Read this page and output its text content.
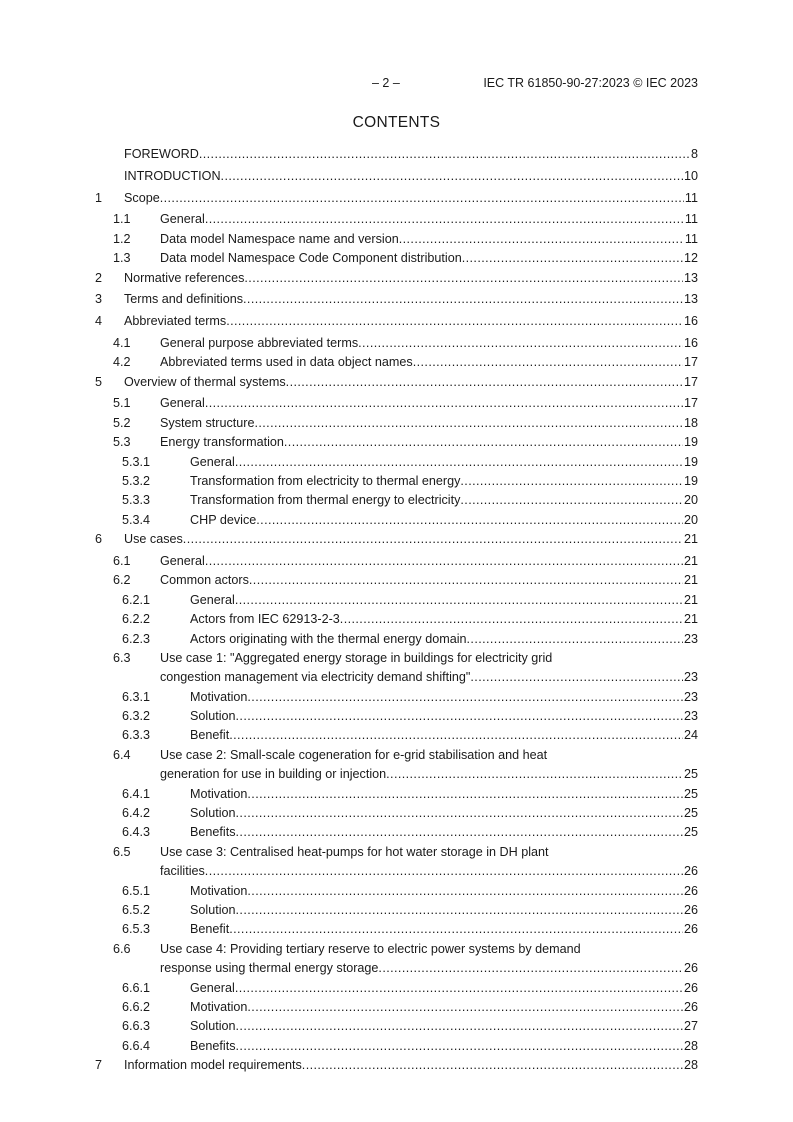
– 2 –	IEC TR 61850-90-27:2023 © IEC 2023
CONTENTS
FOREWORD .....	8
INTRODUCTION .....	10
1 Scope .....	11
1.1 General .....	11
1.2 Data model Namespace name and version .....	11
1.3 Data model Namespace Code Component distribution .....	12
2 Normative references .....	13
3 Terms and definitions .....	13
4 Abbreviated terms .....	16
4.1 General purpose abbreviated terms .....	16
4.2 Abbreviated terms used in data object names .....	17
5 Overview of thermal systems .....	17
5.1 General .....	17
5.2 System structure .....	18
5.3 Energy transformation .....	19
5.3.1	General .....	19
5.3.2	Transformation from electricity to thermal energy .....	19
5.3.3	Transformation from thermal energy to electricity .....	20
5.3.4	CHP device .....	20
6 Use cases .....	21
6.1 General .....	21
6.2 Common actors .....	21
6.2.1	General .....	21
6.2.2	Actors from IEC 62913-2-3 .....	21
6.2.3	Actors originating with the thermal energy domain .....	23
6.3 Use case 1: "Aggregated energy storage in buildings for electricity grid
congestion management via electricity demand shifting" .....	23
6.3.1	Motivation .....	23
6.3.2	Solution .....	23
6.3.3	Benefit .....	24
6.4 Use case 2: Small-scale cogeneration for e-grid stabilisation and heat
generation for use in building or injection .....	25
6.4.1	Motivation .....	25
6.4.2	Solution .....	25
6.4.3	Benefits .....	25
6.5 Use case 3: Centralised heat-pumps for hot water storage in DH plant
facilities .....	26
6.5.1	Motivation .....	26
6.5.2	Solution .....	26
6.5.3	Benefit .....	26
6.6 Use case 4: Providing tertiary reserve to electric power systems by demand
response using thermal energy storage .....	26
6.6.1	General .....	26
6.6.2	Motivation .....	26
6.6.3	Solution .....	27
6.6.4	Benefits .....	28
7 Information model requirements .....	28
